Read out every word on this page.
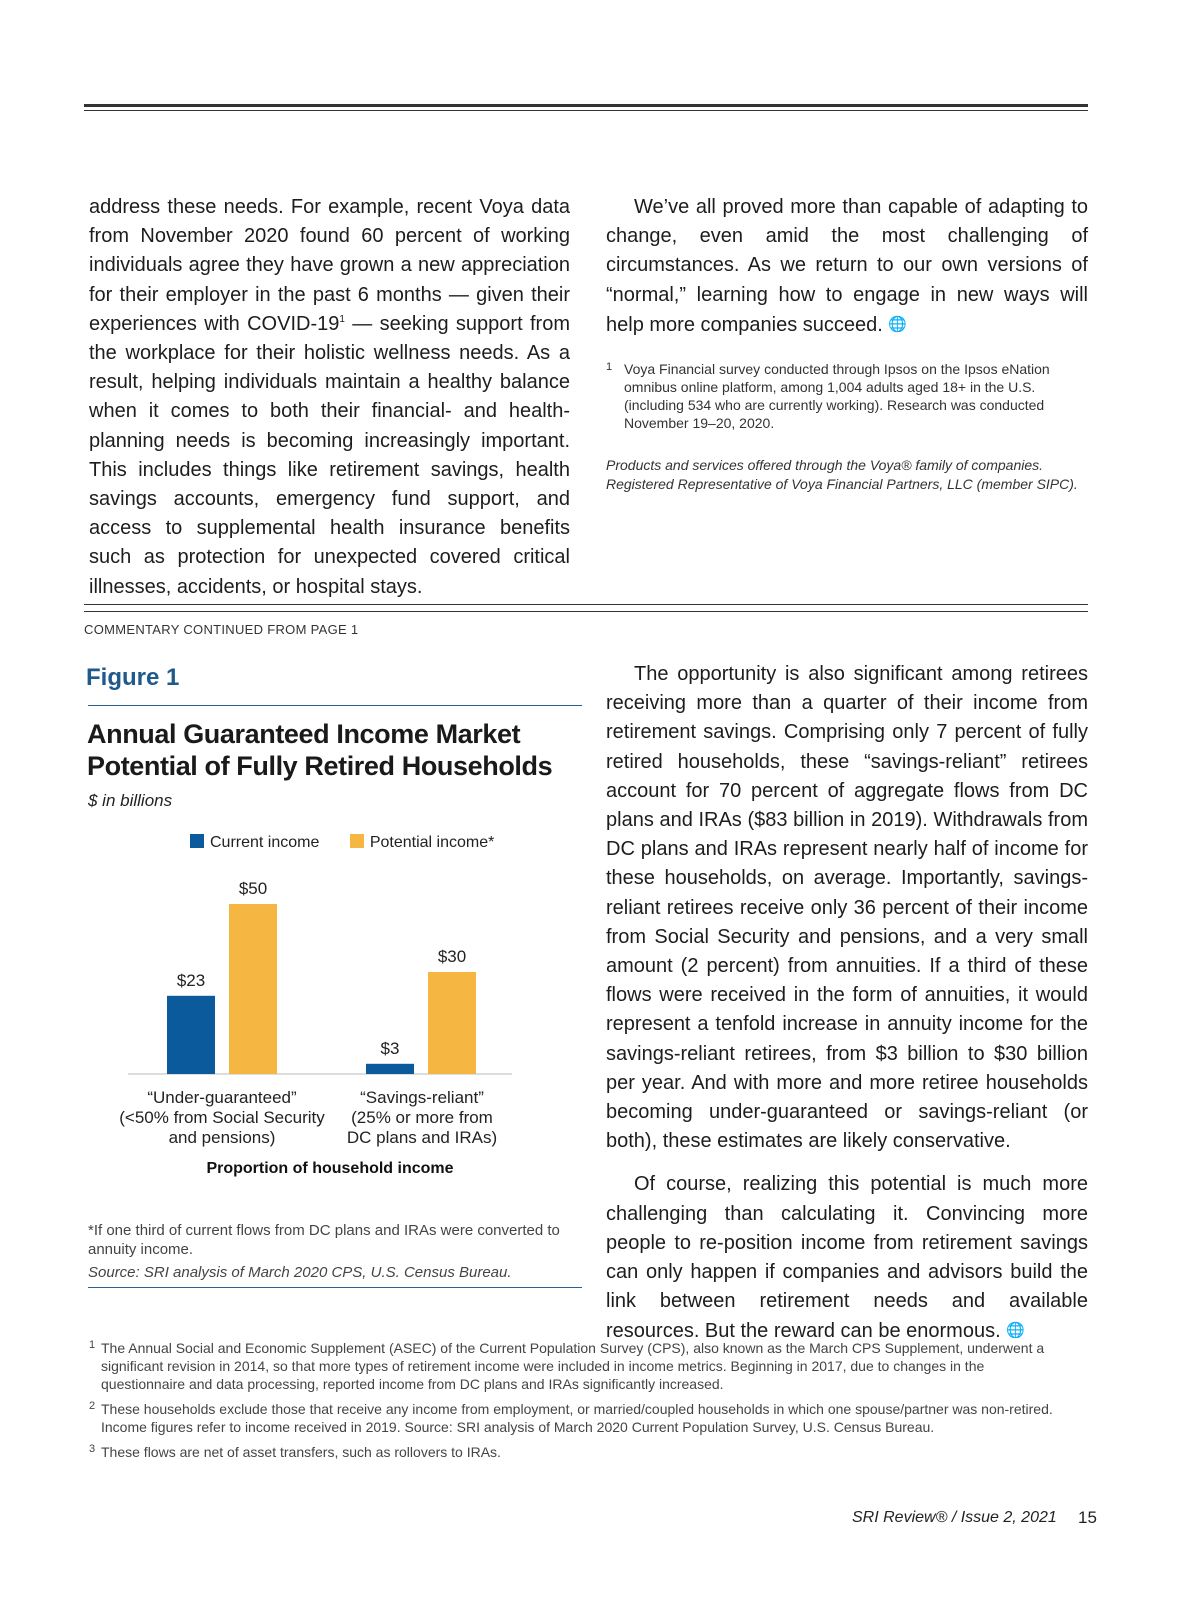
address these needs. For example, recent Voya data from November 2020 found 60 percent of working individuals agree they have grown a new appreciation for their employer in the past 6 months — given their experiences with COVID-$19^1$ — seeking support from the workplace for their holistic wellness needs. As a result, helping individuals maintain a healthy balance when it comes to both their financial- and health-planning needs is becoming increasingly important. This includes things like retirement savings, health savings accounts, emergency fund support, and access to supplemental health insurance benefits such as protection for unexpected covered critical illnesses, accidents, or hospital stays.

We’ve all proved more than capable of adapting to change, even amid the most challenging of circumstances. As we return to our own versions of “normal,” learning how to engage in new ways will help more companies succeed. 🌐

1 Voya Financial survey conducted through Ipsos on the Ipsos eNation omnibus online platform, among 1,004 adults aged 18+ in the U.S. (including 534 who are currently working). Research was conducted November 19–20, 2020.
Products and services offered through the Voya® family of companies. Registered Representative of Voya Financial Partners, LLC (member SIPC).
COMMENTARY CONTINUED FROM PAGE 1
Figure 1
Annual Guaranteed Income Market
Potential of Fully Retired Households
$ in billions
Current income	Potential income*
$23
$50
$3
$30
“Under-guaranteed”
(<50% from Social Security
and pensions)
“Savings-reliant”
(25% or more from
DC plans and IRAs)
Proportion of household income
*If one third of current flows from DC plans and IRAs were converted to annuity income.
Source: SRI analysis of March 2020 CPS, U.S. Census Bureau.

The opportunity is also significant among retirees receiving more than a quarter of their income from retirement savings. Comprising only 7 percent of fully retired households, these “savings-reliant” retirees account for 70 percent of aggregate flows from DC plans and IRAs ($83 billion in 2019). Withdrawals from DC plans and IRAs represent nearly half of income for these households, on average. Importantly, savings-reliant retirees receive only 36 percent of their income from Social Security and pensions, and a very small amount (2 percent) from annuities. If a third of these flows were received in the form of annuities, it would represent a tenfold increase in annuity income for the savings-reliant retirees, from $3 billion to $30 billion per year. And with more and more retiree households becoming under-guaranteed or savings-reliant (or both), these estimates are likely conservative.

Of course, realizing this potential is much more challenging than calculating it. Convincing more people to re-position income from retirement savings can only happen if companies and advisors build the link between retirement needs and available resources. But the reward can be enormous. 🌐

1 The Annual Social and Economic Supplement (ASEC) of the Current Population Survey (CPS), also known as the March CPS Supplement, underwent a significant revision in 2014, so that more types of retirement income were included in income metrics. Beginning in 2017, due to changes in the questionnaire and data processing, reported income from DC plans and IRAs significantly increased.
2 These households exclude those that receive any income from employment, or married/coupled households in which one spouse/partner was non-retired. Income figures refer to income received in 2019. Source: SRI analysis of March 2020 Current Population Survey, U.S. Census Bureau.
3 These flows are net of asset transfers, such as rollovers to IRAs.
SRI Review® / Issue 2, 2021 15
